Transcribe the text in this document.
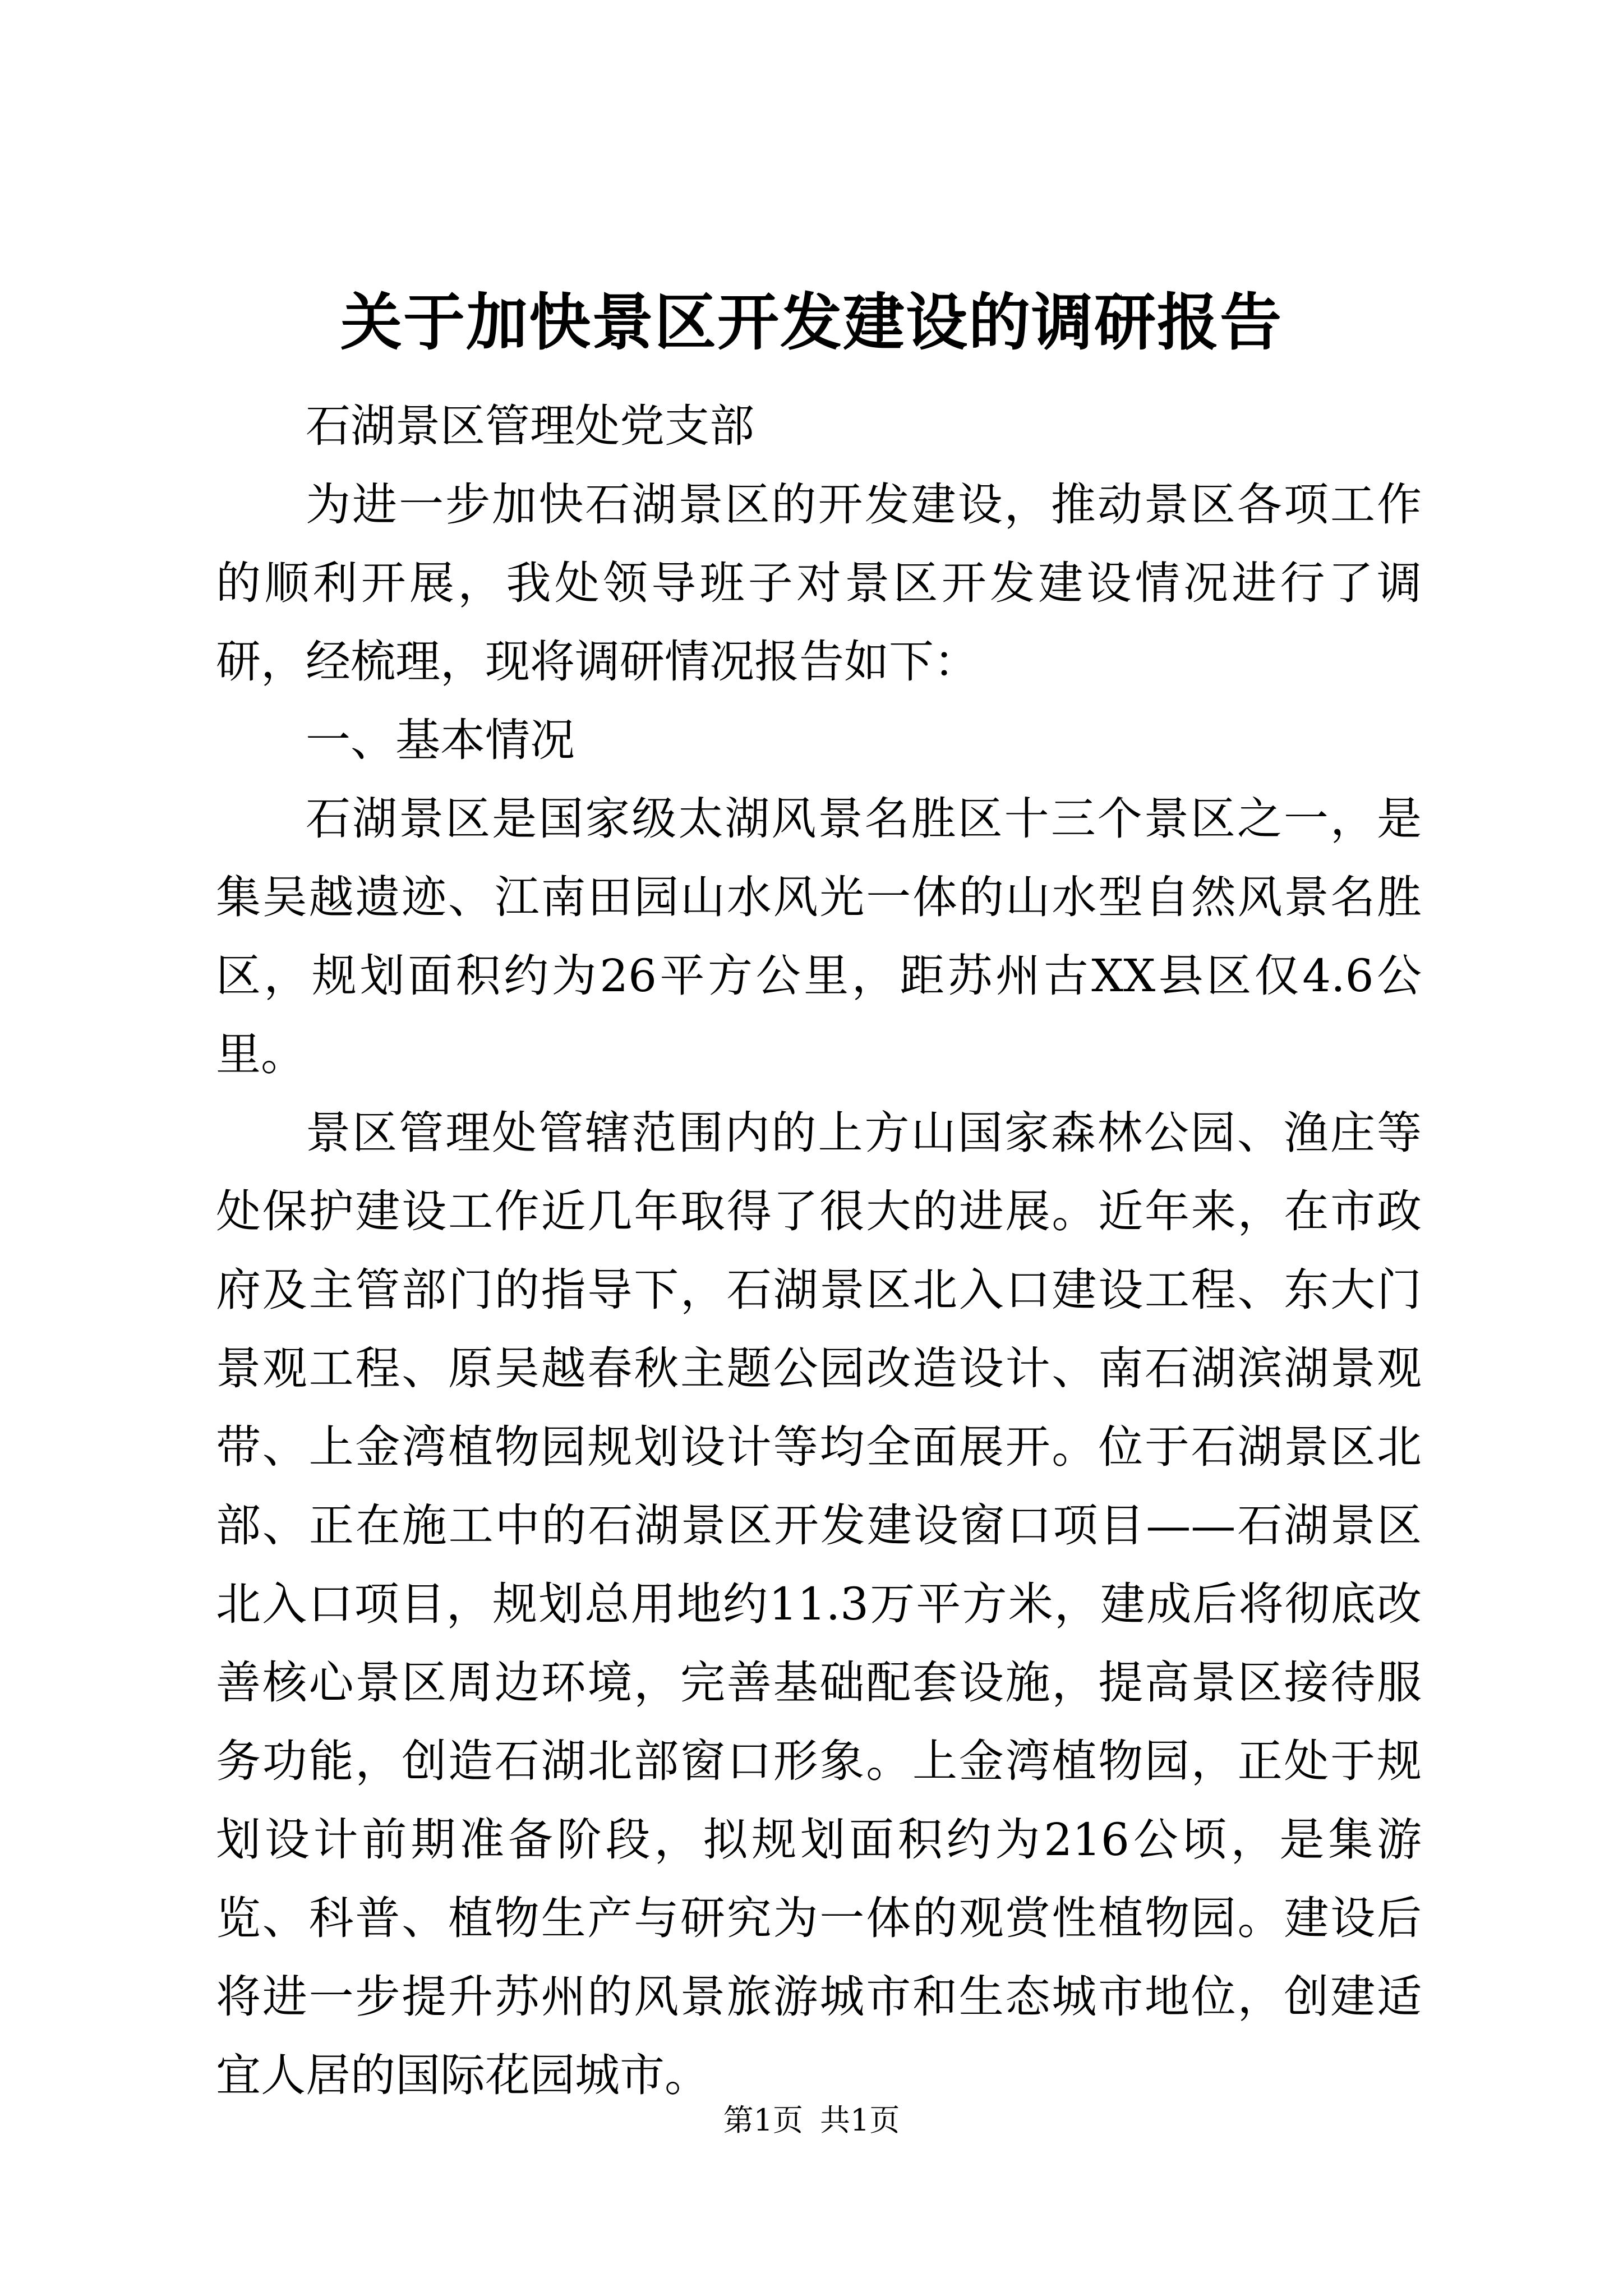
关于加快景区开发建设的调研报告

石湖景区管理处党支部

为进一步加快石湖景区的开发建设，推动景区各项工作的顺利开展，我处领导班子对景区开发建设情况进行了调研，经梳理，现将调研情况报告如下：

一、基本情况

石湖景区是国家级太湖风景名胜区十三个景区之一，是集吴越遗迹、江南田园山水风光一体的山水型自然风景名胜区，规划面积约为26平方公里，距苏州古XX县区仅4.6公里。

景区管理处管辖范围内的上方山国家森林公园、渔庄等处保护建设工作近几年取得了很大的进展。近年来，在市政府及主管部门的指导下，石湖景区北入口建设工程、东大门景观工程、原吴越春秋主题公园改造设计、南石湖滨湖景观带、上金湾植物园规划设计等均全面展开。位于石湖景区北部、正在施工中的石湖景区开发建设窗口项目——石湖景区北入口项目，规划总用地约11.3万平方米，建成后将彻底改善核心景区周边环境，完善基础配套设施，提高景区接待服务功能，创造石湖北部窗口形象。上金湾植物园，正处于规划设计前期准备阶段，拟规划面积约为216公顷，是集游览、科普、植物生产与研究为一体的观赏性植物园。建设后将进一步提升苏州的风景旅游城市和生态城市地位，创建适宜人居的国际花园城市。

第1页 共1页
